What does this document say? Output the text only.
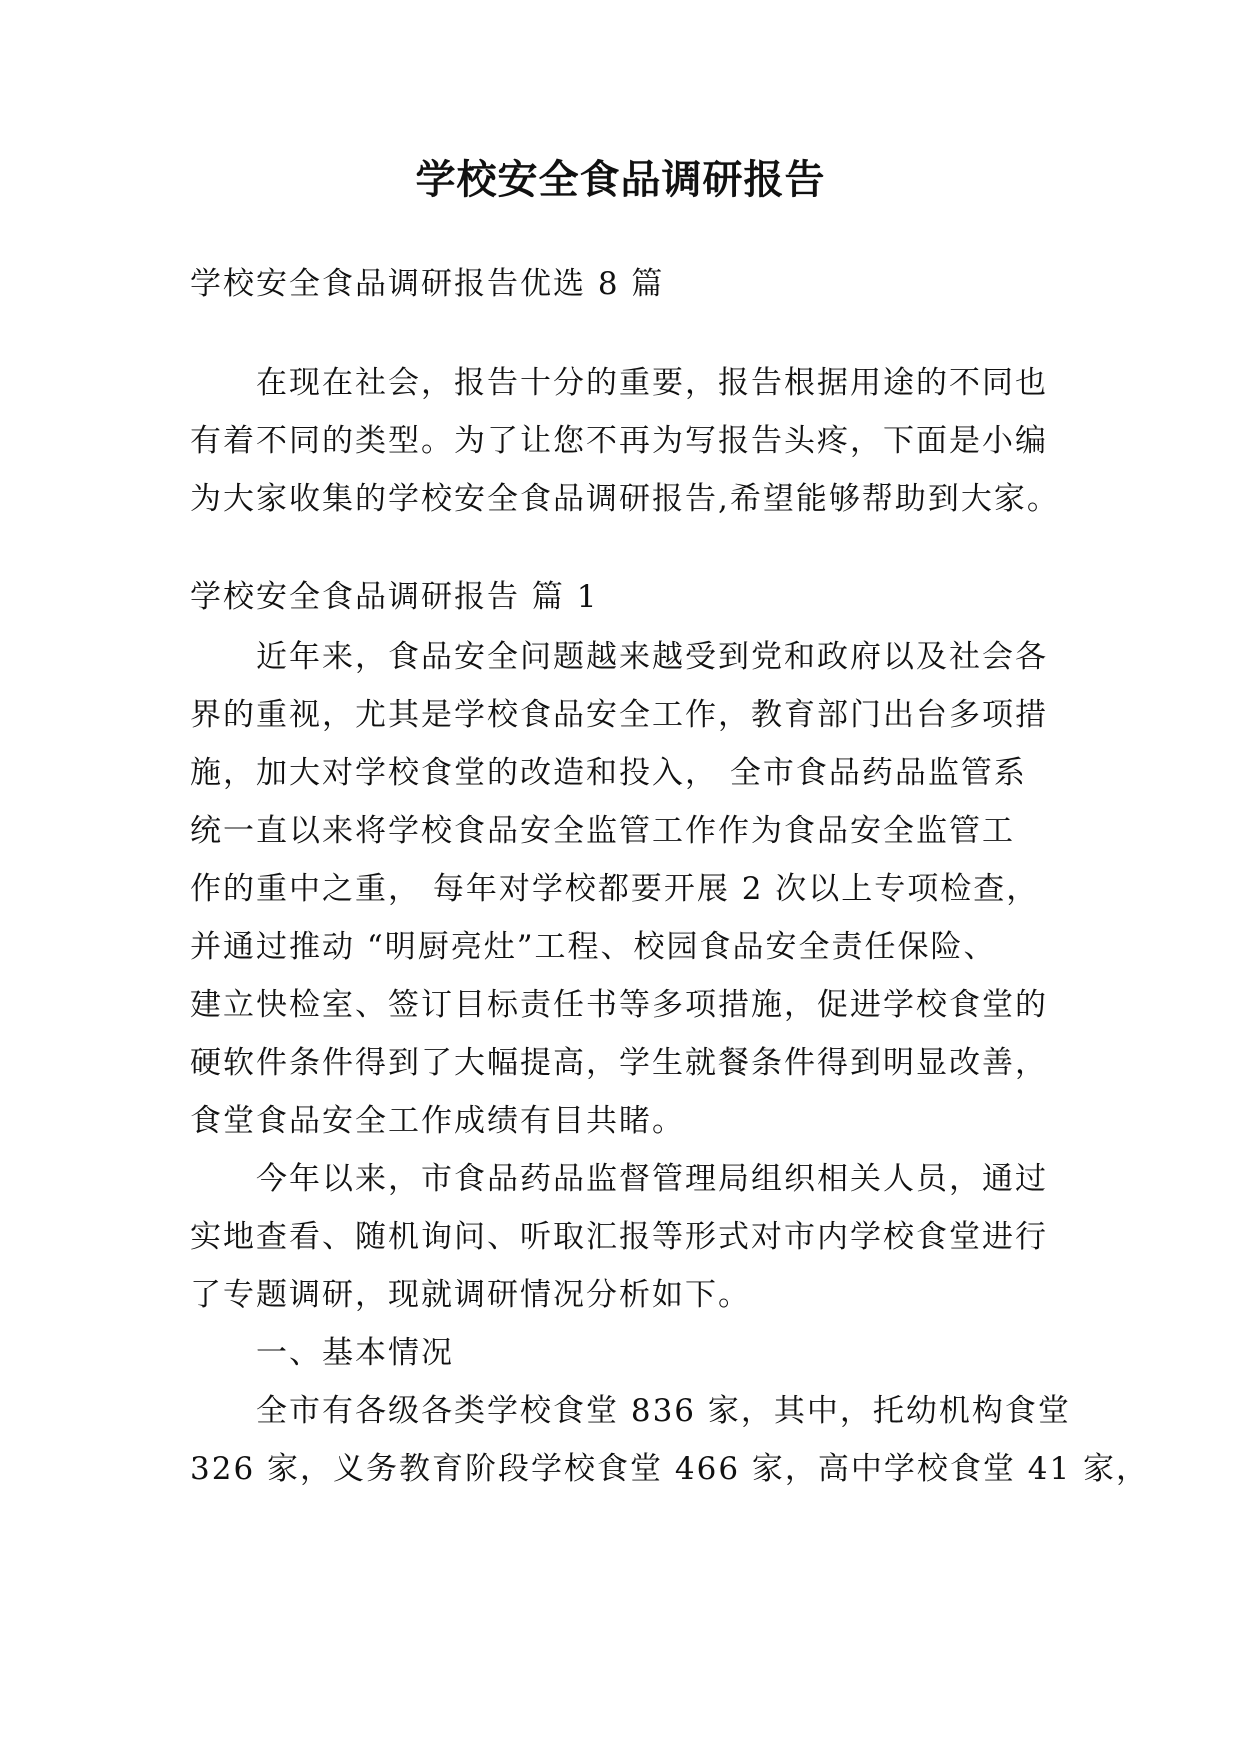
学校安全食品调研报告
学校安全食品调研报告优选 8 篇
在现在社会，报告十分的重要，报告根据用途的不同也
有着不同的类型。为了让您不再为写报告头疼，下面是小编
为大家收集的学校安全食品调研报告,希望能够帮助到大家。
学校安全食品调研报告 篇 1
近年来，食品安全问题越来越受到党和政府以及社会各
界的重视，尤其是学校食品安全工作，教育部门出台多项措
施，加大对学校食堂的改造和投入， 全市食品药品监管系
统一直以来将学校食品安全监管工作作为食品安全监管工
作的重中之重， 每年对学校都要开展 2 次以上专项检查，
并通过推动 “明厨亮灶”工程、校园食品安全责任保险、
建立快检室、签订目标责任书等多项措施，促进学校食堂的
硬软件条件得到了大幅提高，学生就餐条件得到明显改善，
食堂食品安全工作成绩有目共睹。
今年以来，市食品药品监督管理局组织相关人员，通过
实地查看、随机询问、听取汇报等形式对市内学校食堂进行
了专题调研，现就调研情况分析如下。
一、基本情况
全市有各级各类学校食堂 836 家，其中，托幼机构食堂
326 家，义务教育阶段学校食堂 466 家，高中学校食堂 41 家，
